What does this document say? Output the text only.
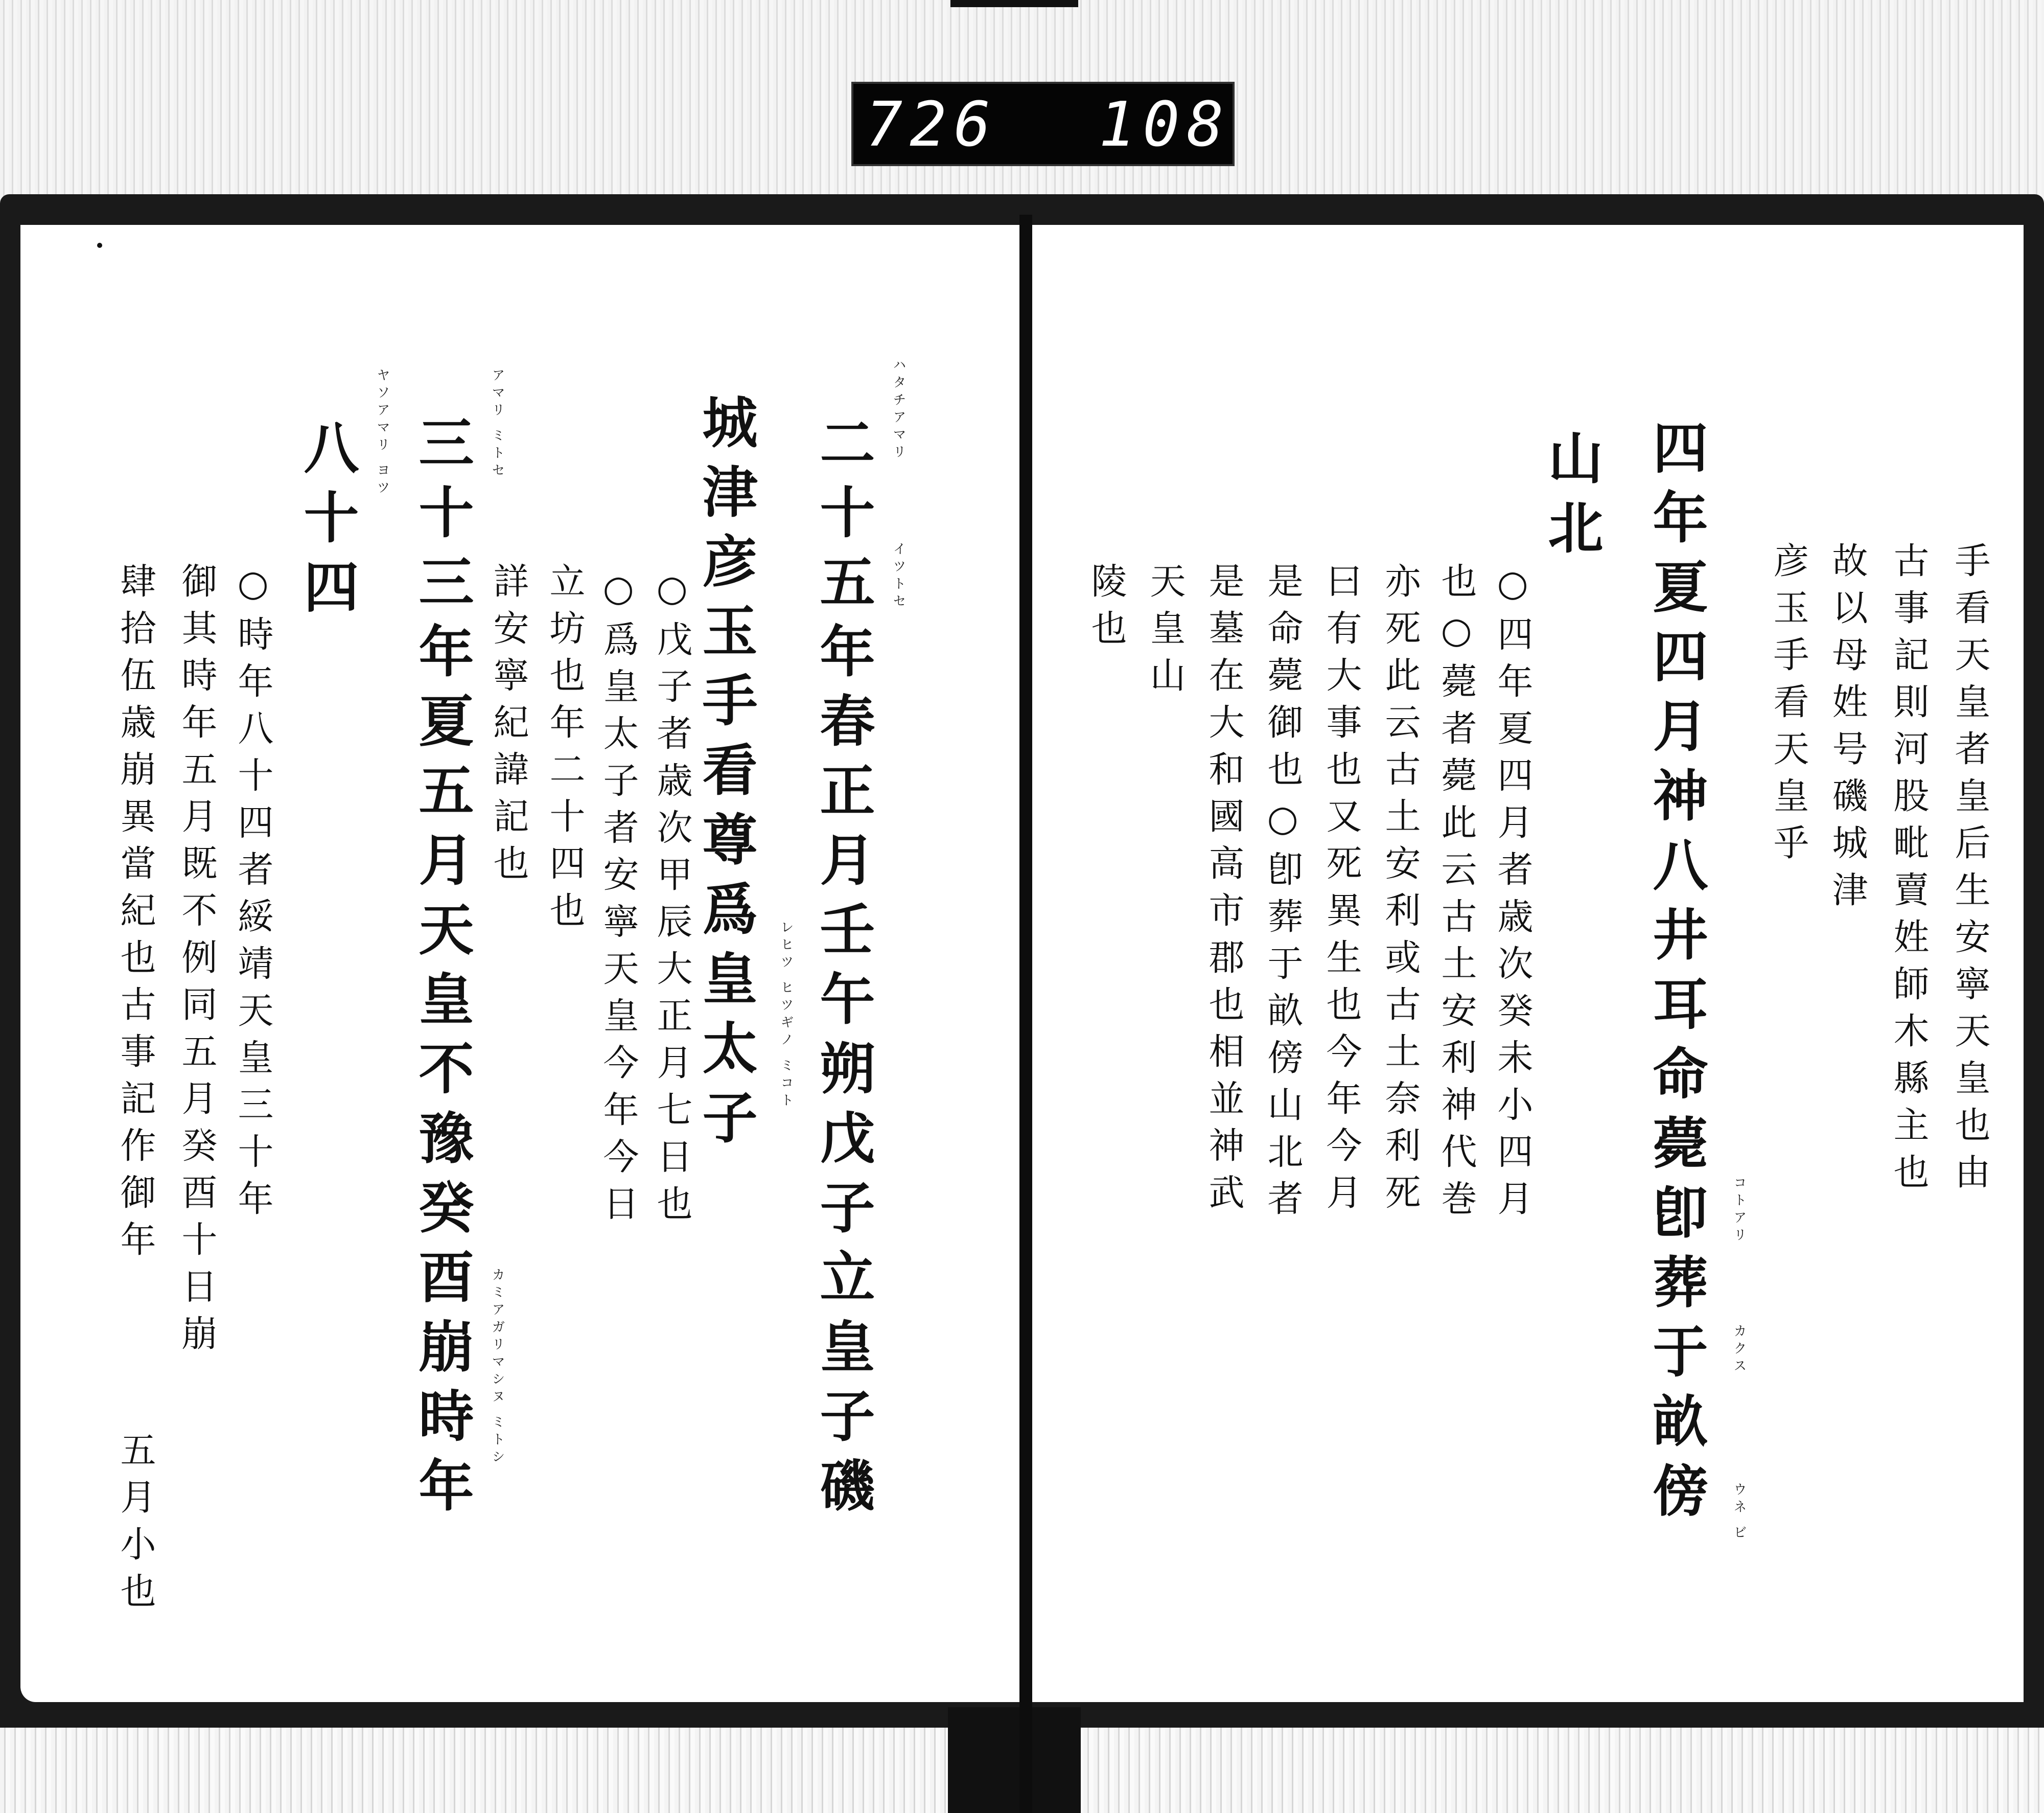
726 108
二十五年春正月壬午朔戊子立皇子磯
城津彦玉手看尊爲皇太子
三十三年夏五月天皇不豫癸酉崩時年
八十四
ハタチアマリ
イツトセ
レヒツ ヒツギノ ミコト
アマリ ミトセ
ヤソアマリ ヨツ
カミアガリマシヌ ミトシ
○戊子者歳次甲辰大正月七日也
○爲皇太子者安寧天皇今年今日
立坊也年二十四也
詳安寧紀諱記也
○時年八十四者綏靖天皇三十年
御其時年五月既不例同五月癸酉十日崩
肆拾伍歳崩異當紀也古事記作御年
五月小也
手看天皇者皇后生安寧天皇也由
古事記則河股毗賣姓師木縣主也
故以母姓号磯城津
彦玉手看天皇乎
四年夏四月神八井耳命薨卽葬于畝傍
山北
コトアリ
カクス
ウネ ビ
○四年夏四月者歳次癸未小四月
也○薨者薨此云古土安利神代巻
亦死此云古土安利或古土奈利死
曰有大事也又死異生也今年今月
是命薨御也○卽葬于畝傍山北者
是墓在大和國高市郡也相並神武
天皇山
陵也
